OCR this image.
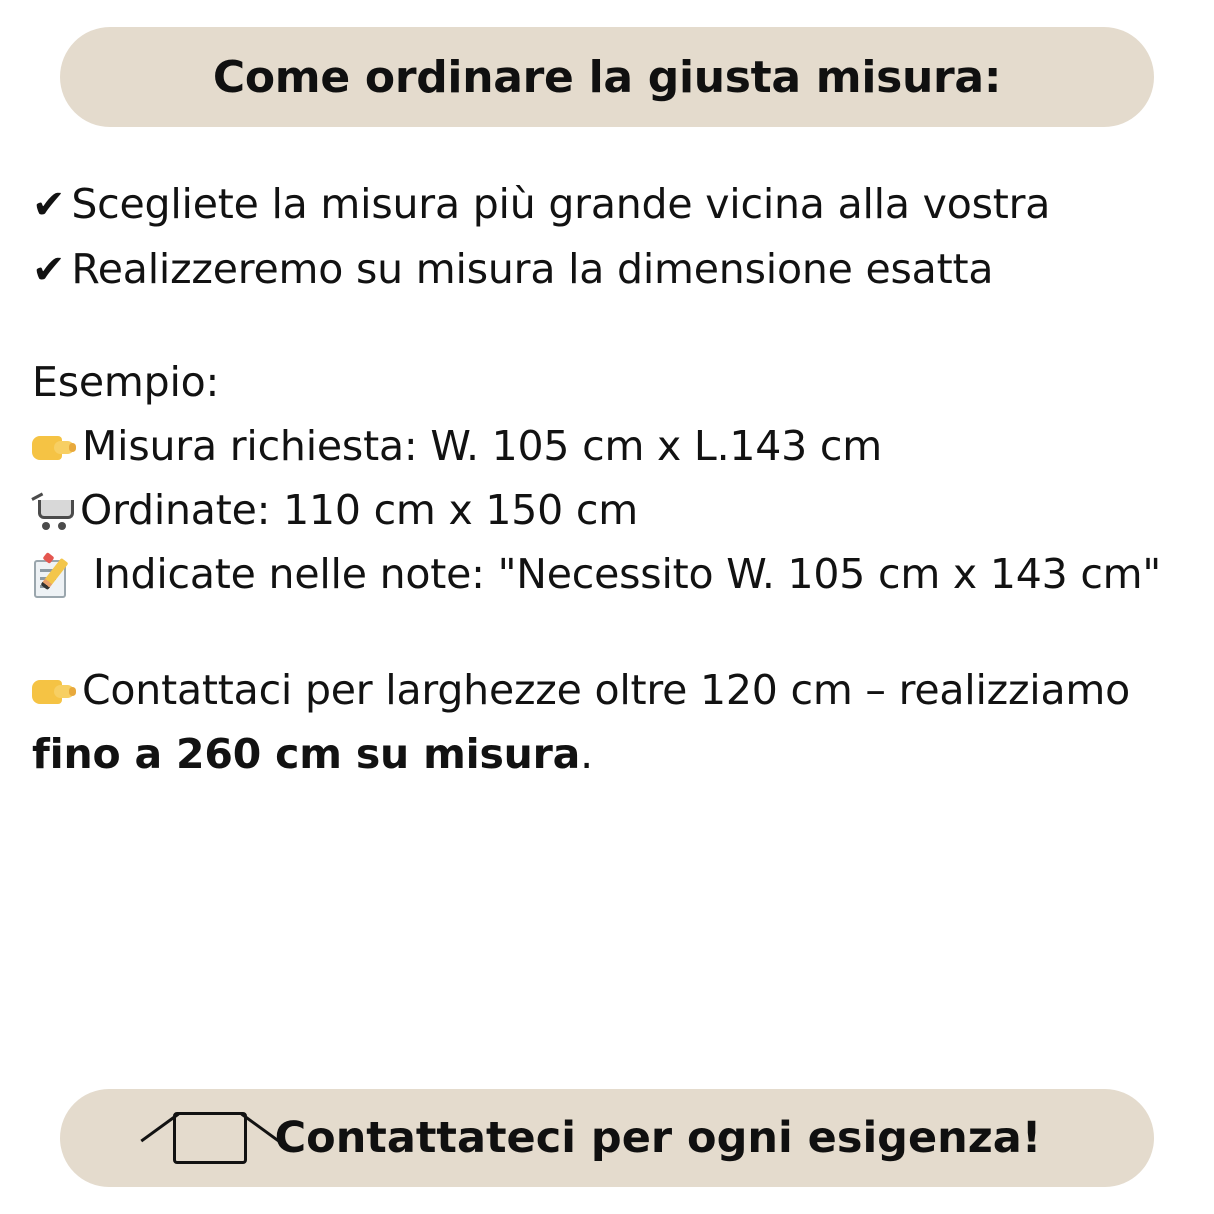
Come ordinare la giusta misura:
✔ Scegliete la misura più grande vicina alla vostra
✔ Realizzeremo su misura la dimensione esatta
Esempio:
Misura richiesta: W. 105 cm x L.143 cm
Ordinate: 110 cm x 150 cm
Indicate nelle note: "Necessito W. 105 cm x 143 cm"
Contattaci per larghezze oltre 120 cm – realizziamo fino a 260 cm su misura.
Contattateci per ogni esigenza!
